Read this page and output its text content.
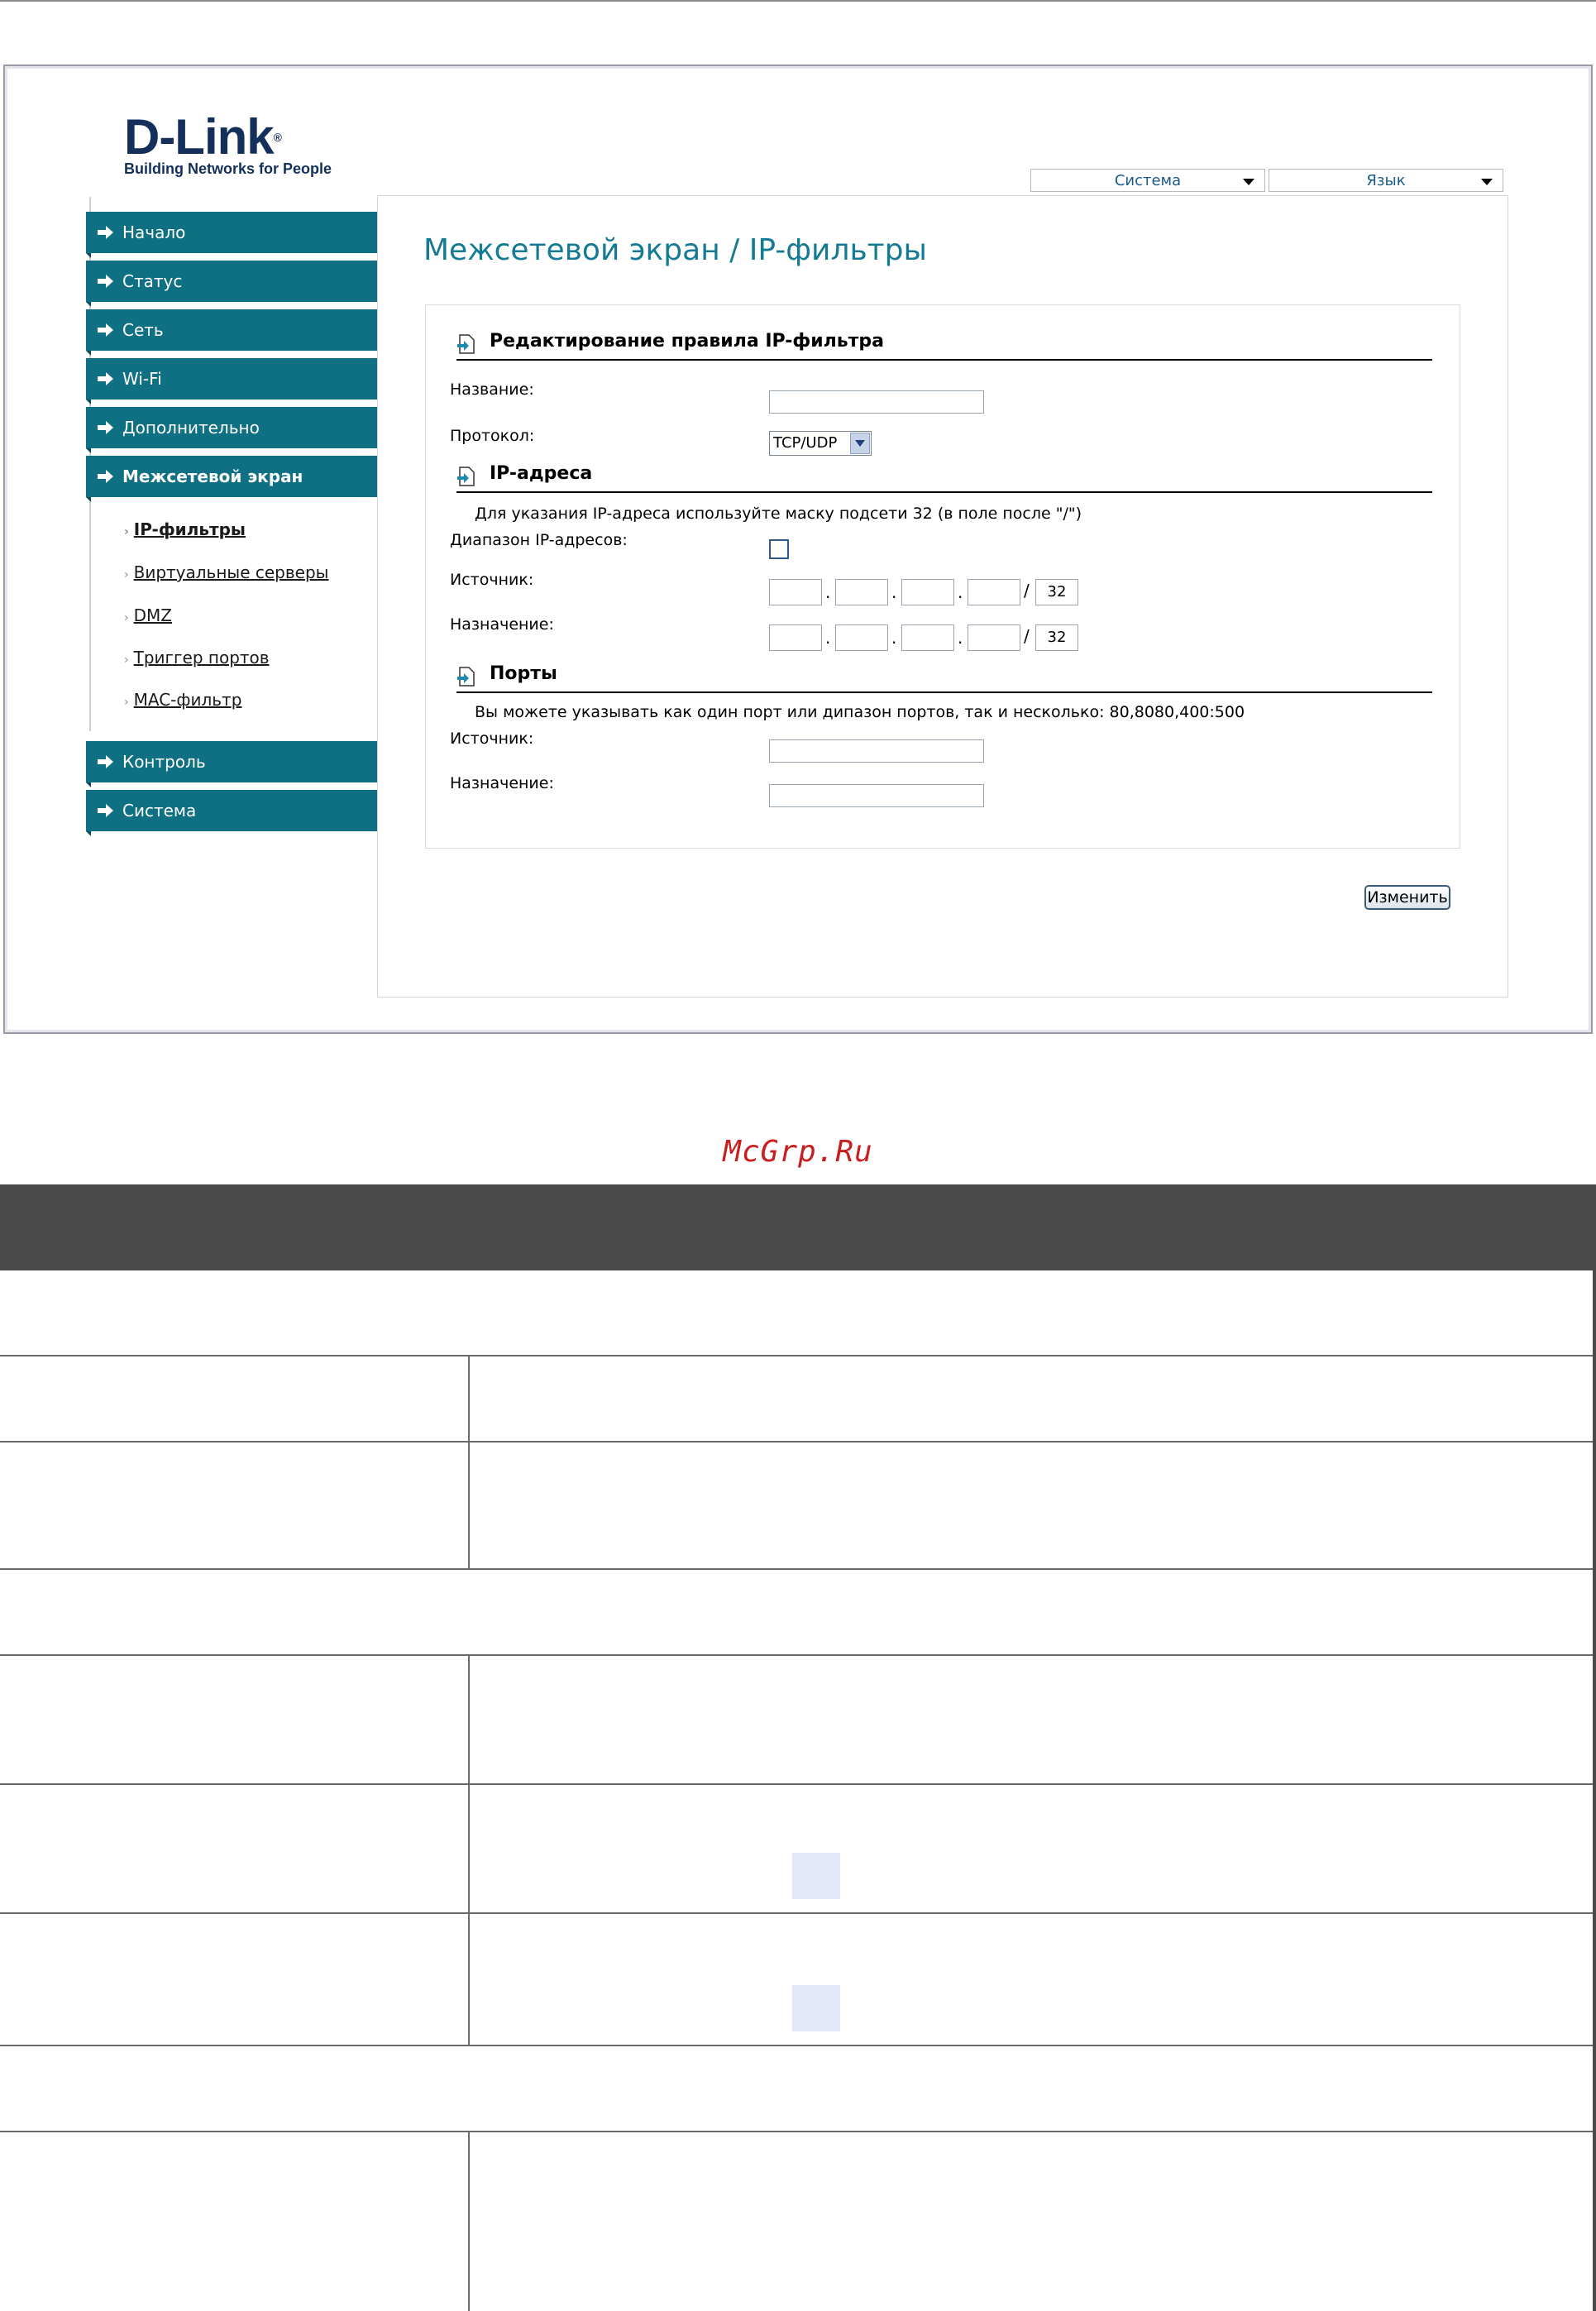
D-Link®
Building Networks for People
Система	Язык
Начало
Статус
Сеть
Wi-Fi
Дополнительно
Межсетевой экран
› IP-фильтры
› Виртуальные серверы
› DMZ
› Триггер портов
› MAC-фильтр
Контроль
Система
Межсетевой экран / IP-фильтры
Редактирование правила IP-фильтра
Название:
Протокол:	TCP/UDP
IP-адреса
Для указания IP-адреса используйте маску подсети 32 (в поле после "/")
Диапазон IP-адресов:
Источник:
.	.	.	/	32
Назначение:
.	.	.	/	32
Порты
Вы можете указывать как один порт или дипазон портов, так и несколько: 80,8080,400:500
Источник:
Назначение:
Изменить
McGrp.Ru
